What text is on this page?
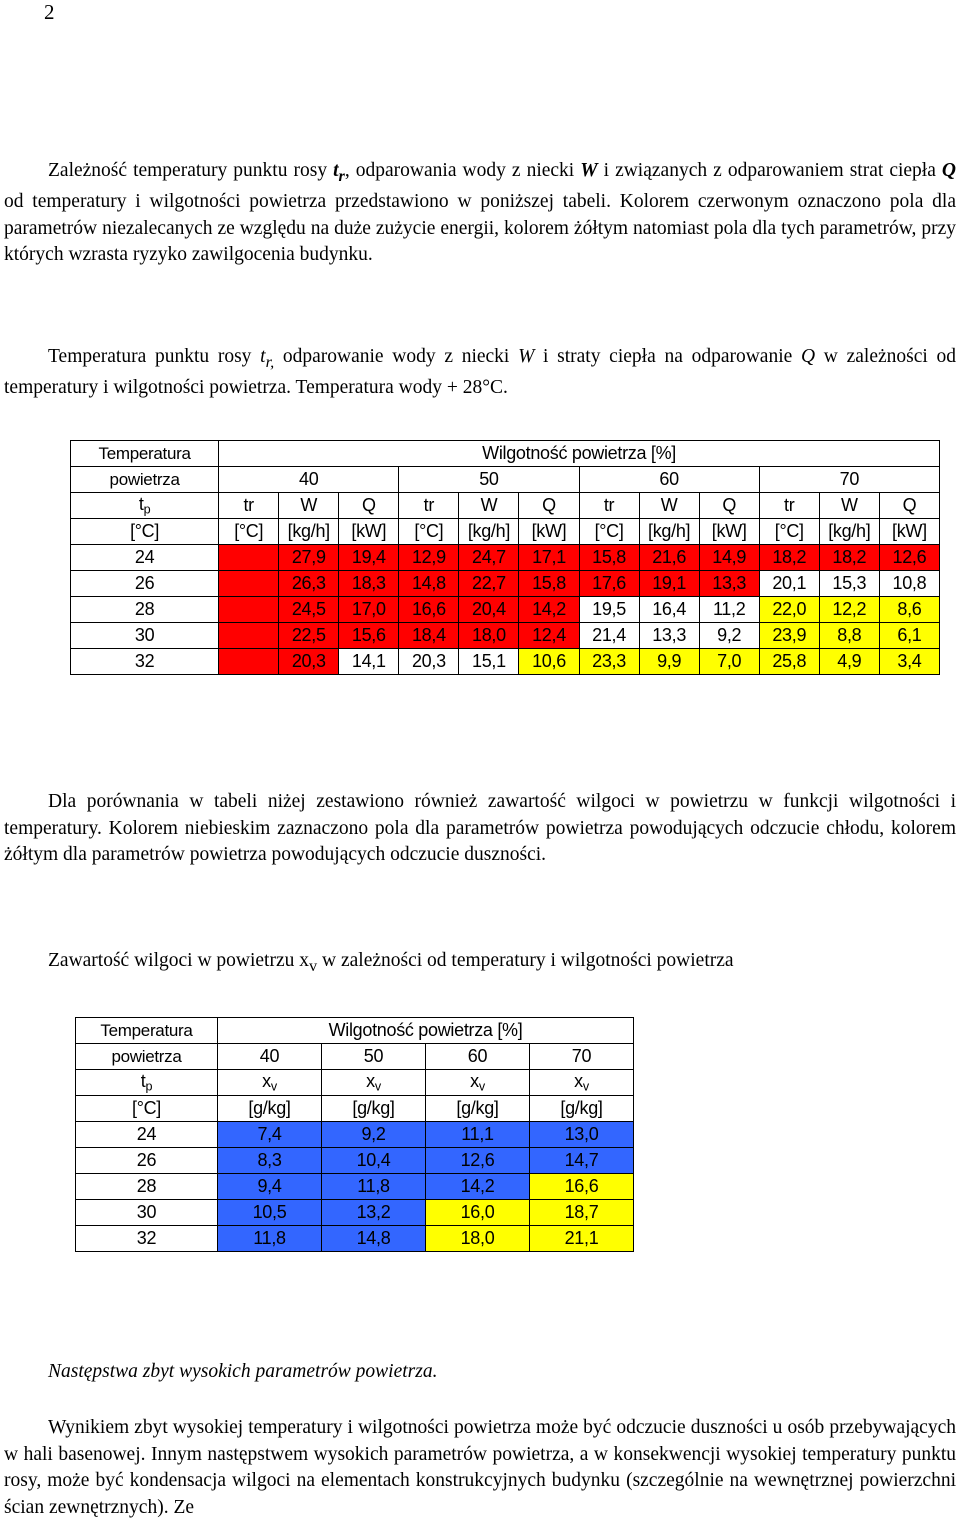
2
Zależność temperatury punktu rosy $t_r$, odparowania wody z niecki W i związanych z odparowaniem strat ciepła Q od temperatury i wilgotności powietrza przedstawiono w poniższej tabeli. Kolorem czerwonym oznaczono pola dla parametrów niezalecanych ze względu na duże zużycie energii, kolorem żółtym natomiast pola dla tych parametrów, przy których wzrasta ryzyko zawilgocenia budynku.
Temperatura punktu rosy $t_{r,}$ odparowanie wody z niecki W i straty ciepła na odparowanie Q w zależności od temperatury i wilgotności powietrza. Temperatura wody + 28°C.
Temperatura	Wilgotność powietrza [%]											
powietrza	40			50			60			70		
$t_p$	tr	W	Q	tr	W	Q	tr	W	Q	tr	W	Q
[°C]	[°C]	[kg/h]	[kW]	[°C]	[kg/h]	[kW]	[°C]	[kg/h]	[kW]	[°C]	[kg/h]	[kW]
24		27,9	19,4	12,9	24,7	17,1	15,8	21,6	14,9	18,2	18,2	12,6
26		26,3	18,3	14,8	22,7	15,8	17,6	19,1	13,3	20,1	15,3	10,8
28		24,5	17,0	16,6	20,4	14,2	19,5	16,4	11,2	22,0	12,2	8,6
30		22,5	15,6	18,4	18,0	12,4	21,4	13,3	9,2	23,9	8,8	6,1
32		20,3	14,1	20,3	15,1	10,6	23,3	9,9	7,0	25,8	4,9	3,4
Dla porównania w tabeli niżej zestawiono również zawartość wilgoci w powietrzu w funkcji wilgotności i temperatury. Kolorem niebieskim zaznaczono pola dla parametrów powietrza powodujących odczucie chłodu, kolorem żółtym dla parametrów powietrza powodujących odczucie duszności.
Zawartość wilgoci w powietrzu $x_v$ w zależności od temperatury i wilgotności powietrza
Temperatura	Wilgotność powietrza [%]			
powietrza	40	50	60	70
$t_p$	$x_v$	$x_v$	$x_v$	$x_v$
[°C]	[g/kg]	[g/kg]	[g/kg]	[g/kg]
24	7,4	9,2	11,1	13,0
26	8,3	10,4	12,6	14,7
28	9,4	11,8	14,2	16,6
30	10,5	13,2	16,0	18,7
32	11,8	14,8	18,0	21,1
Następstwa zbyt wysokich parametrów powietrza.
Wynikiem zbyt wysokiej temperatury i wilgotności powietrza może być odczucie duszności u osób przebywających w hali basenowej. Innym następstwem wysokich parametrów powietrza, a w konsekwencji wysokiej temperatury punktu rosy, może być kondensacja wilgoci na elementach konstrukcyjnych budynku (szczególnie na wewnętrznej powierzchni ścian zewnętrznych). Ze
